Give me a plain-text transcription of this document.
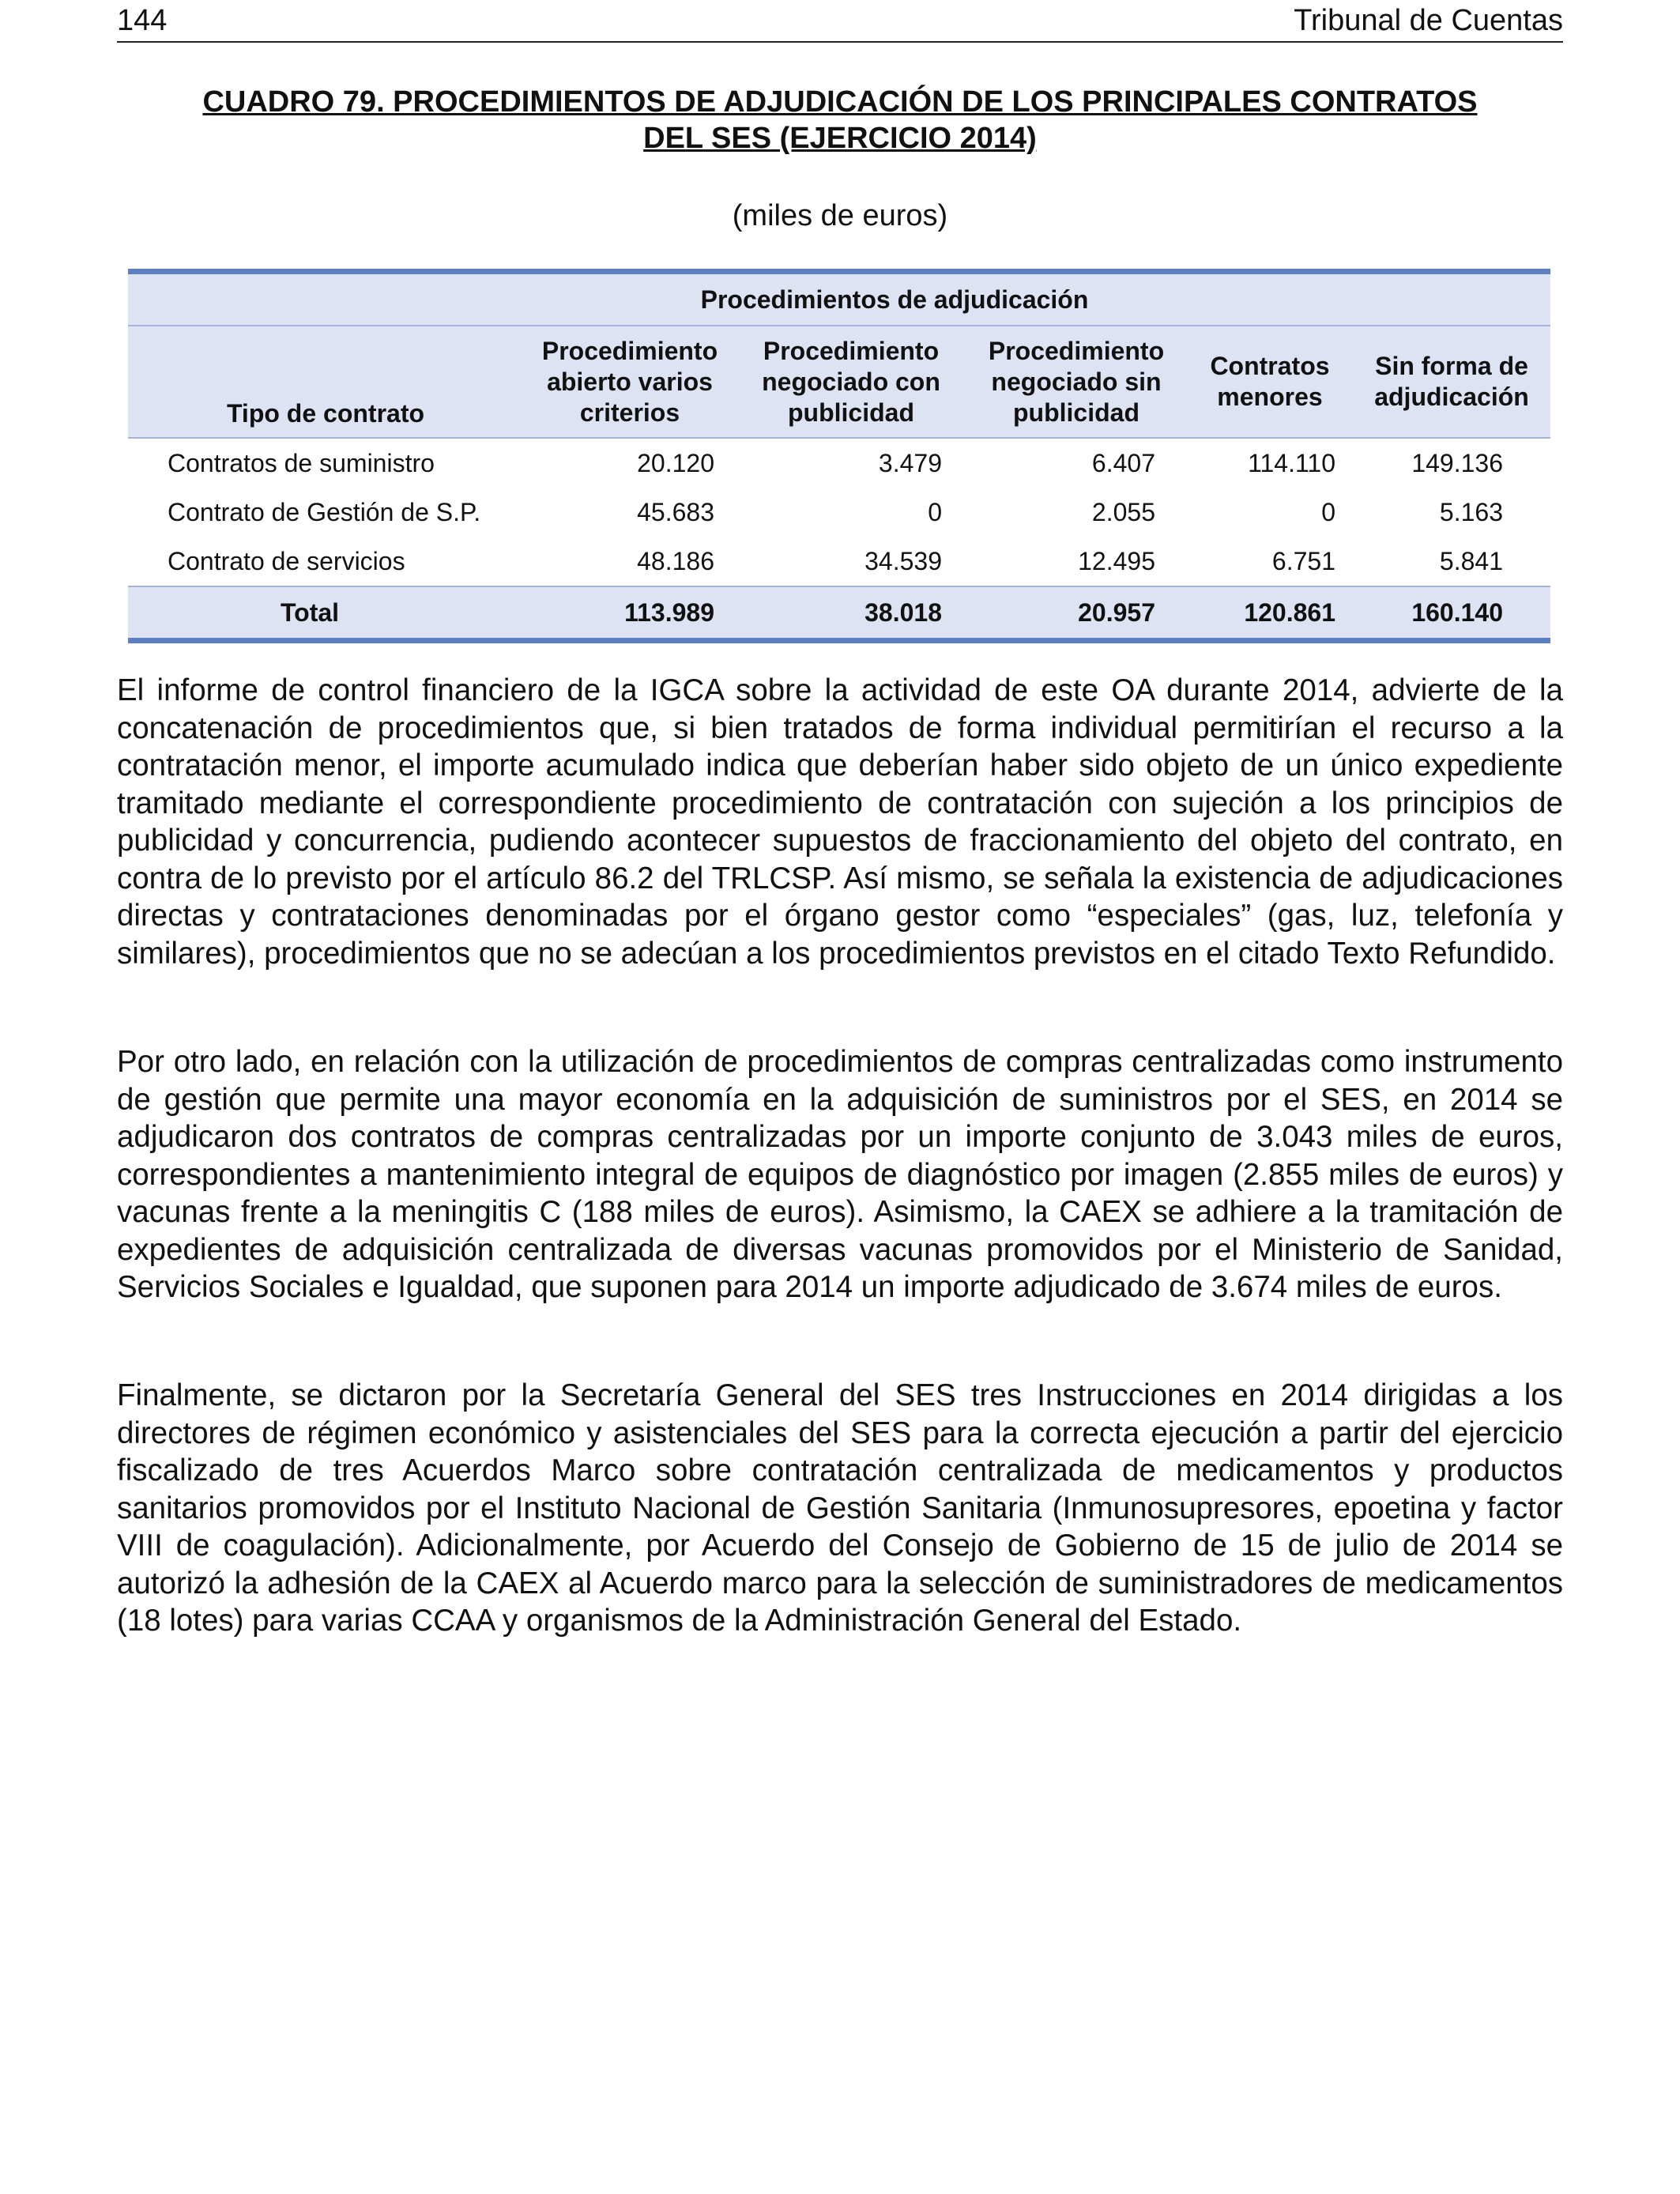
144	Tribunal de Cuentas
CUADRO 79. PROCEDIMIENTOS DE ADJUDICACIÓN DE LOS PRINCIPALES CONTRATOS
DEL SES (EJERCICIO 2014)
(miles de euros)
Procedimientos de adjudicación
Tipo de contrato
Procedimiento abierto varios criterios
Procedimiento negociado con publicidad
Procedimiento negociado sin publicidad
Contratos menores
Sin forma de adjudicación
Contratos de suministro	20.120	3.479	6.407	114.110	149.136
Contrato de Gestión de S.P.	45.683	0	2.055	0	5.163
Contrato de servicios	48.186	34.539	12.495	6.751	5.841
Total	113.989	38.018	20.957	120.861	160.140

El informe de control financiero de la IGCA sobre la actividad de este OA durante 2014, advierte de la concatenación de procedimientos que, si bien tratados de forma individual permitirían el recurso a la contratación menor, el importe acumulado indica que deberían haber sido objeto de un único expediente tramitado mediante el correspondiente procedimiento de contratación con sujeción a los principios de publicidad y concurrencia, pudiendo acontecer supuestos de fraccionamiento del objeto del contrato, en contra de lo previsto por el artículo 86.2 del TRLCSP. Así mismo, se señala la existencia de adjudicaciones directas y contrataciones denominadas por el órgano gestor como “especiales” (gas, luz, telefonía y similares), procedimientos que no se adecúan a los procedimientos previstos en el citado Texto Refundido.

Por otro lado, en relación con la utilización de procedimientos de compras centralizadas como instrumento de gestión que permite una mayor economía en la adquisición de suministros por el SES, en 2014 se adjudicaron dos contratos de compras centralizadas por un importe conjunto de 3.043 miles de euros, correspondientes a mantenimiento integral de equipos de diagnóstico por imagen (2.855 miles de euros) y vacunas frente a la meningitis C (188 miles de euros). Asimismo, la CAEX se adhiere a la tramitación de expedientes de adquisición centralizada de diversas vacunas promovidos por el Ministerio de Sanidad, Servicios Sociales e Igualdad, que suponen para 2014 un importe adjudicado de 3.674 miles de euros.

Finalmente, se dictaron por la Secretaría General del SES tres Instrucciones en 2014 dirigidas a los directores de régimen económico y asistenciales del SES para la correcta ejecución a partir del ejercicio fiscalizado de tres Acuerdos Marco sobre contratación centralizada de medicamentos y productos sanitarios promovidos por el Instituto Nacional de Gestión Sanitaria (Inmunosupresores, epoetina y factor VIII de coagulación). Adicionalmente, por Acuerdo del Consejo de Gobierno de 15 de julio de 2014 se autorizó la adhesión de la CAEX al Acuerdo marco para la selección de suministradores de medicamentos (18 lotes) para varias CCAA y organismos de la Administración General del Estado.
